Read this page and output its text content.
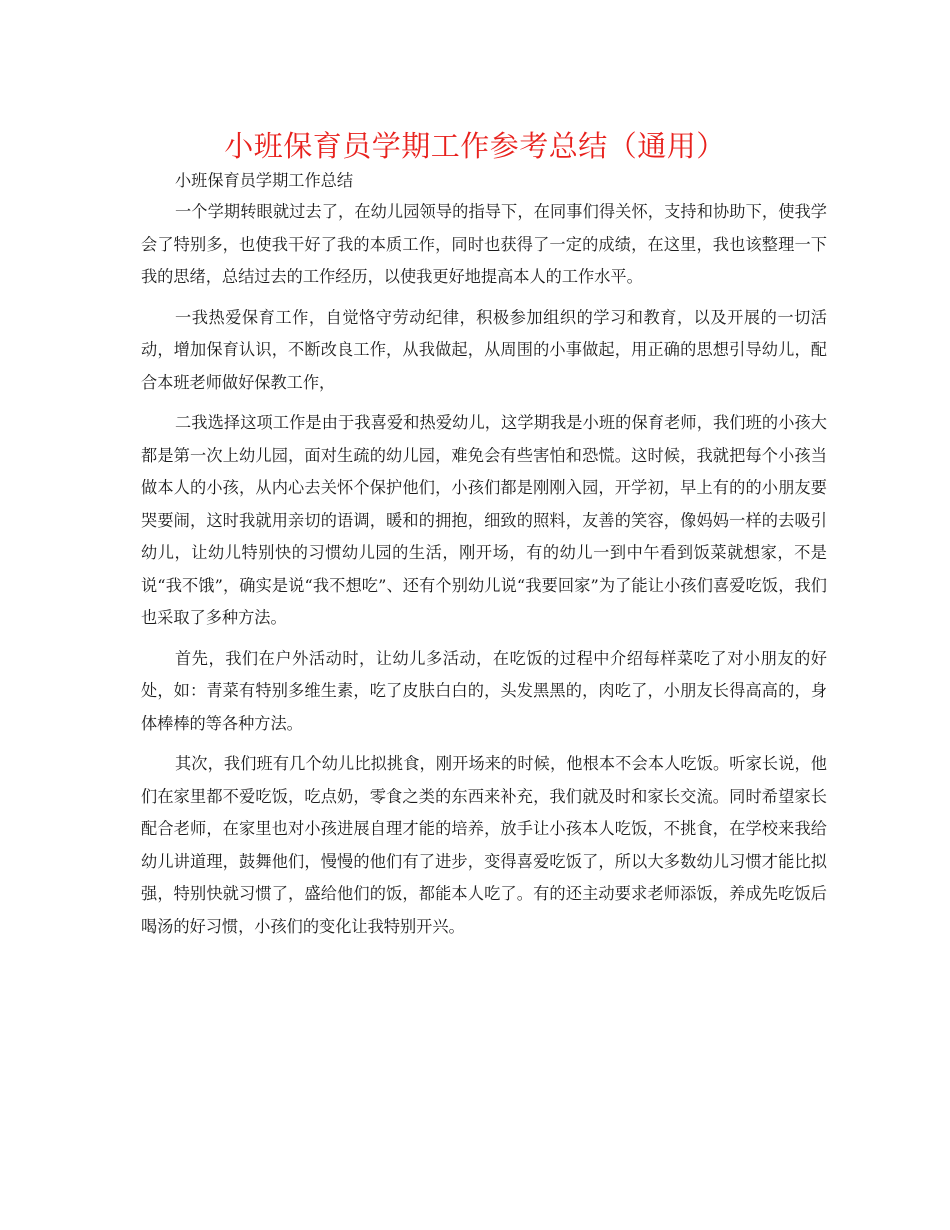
小班保育员学期工作参考总结（通用）

小班保育员学期工作总结

一个学期转眼就过去了，在幼儿园领导的指导下，在同事们得关怀，支持和协助下，使我学会了特别多，也使我干好了我的本质工作，同时也获得了一定的成绩，在这里，我也该整理一下我的思绪，总结过去的工作经历，以使我更好地提高本人的工作水平。

一我热爱保育工作，自觉恪守劳动纪律，积极参加组织的学习和教育，以及开展的一切活动，增加保育认识，不断改良工作，从我做起，从周围的小事做起，用正确的思想引导幼儿，配合本班老师做好保教工作，

二我选择这项工作是由于我喜爱和热爱幼儿，这学期我是小班的保育老师，我们班的小孩大都是第一次上幼儿园，面对生疏的幼儿园，难免会有些害怕和恐慌。这时候，我就把每个小孩当做本人的小孩，从内心去关怀个保护他们，小孩们都是刚刚入园，开学初，早上有的的小朋友要哭要闹，这时我就用亲切的语调，暖和的拥抱，细致的照料，友善的笑容，像妈妈一样的去吸引幼儿，让幼儿特别快的习惯幼儿园的生活，刚开场，有的幼儿一到中午看到饭菜就想家，不是说“我不饿”，确实是说“我不想吃”、还有个别幼儿说“我要回家”为了能让小孩们喜爱吃饭，我们也采取了多种方法。

首先，我们在户外活动时，让幼儿多活动，在吃饭的过程中介绍每样菜吃了对小朋友的好处，如：青菜有特别多维生素，吃了皮肤白白的，头发黑黑的，肉吃了，小朋友长得高高的，身体棒棒的等各种方法。

其次，我们班有几个幼儿比拟挑食，刚开场来的时候，他根本不会本人吃饭。听家长说，他们在家里都不爱吃饭，吃点奶，零食之类的东西来补充，我们就及时和家长交流。同时希望家长配合老师，在家里也对小孩进展自理才能的培养，放手让小孩本人吃饭，不挑食，在学校来我给幼儿讲道理，鼓舞他们，慢慢的他们有了进步，变得喜爱吃饭了，所以大多数幼儿习惯才能比拟强，特别快就习惯了，盛给他们的饭，都能本人吃了。有的还主动要求老师添饭，养成先吃饭后喝汤的好习惯，小孩们的变化让我特别开兴。
